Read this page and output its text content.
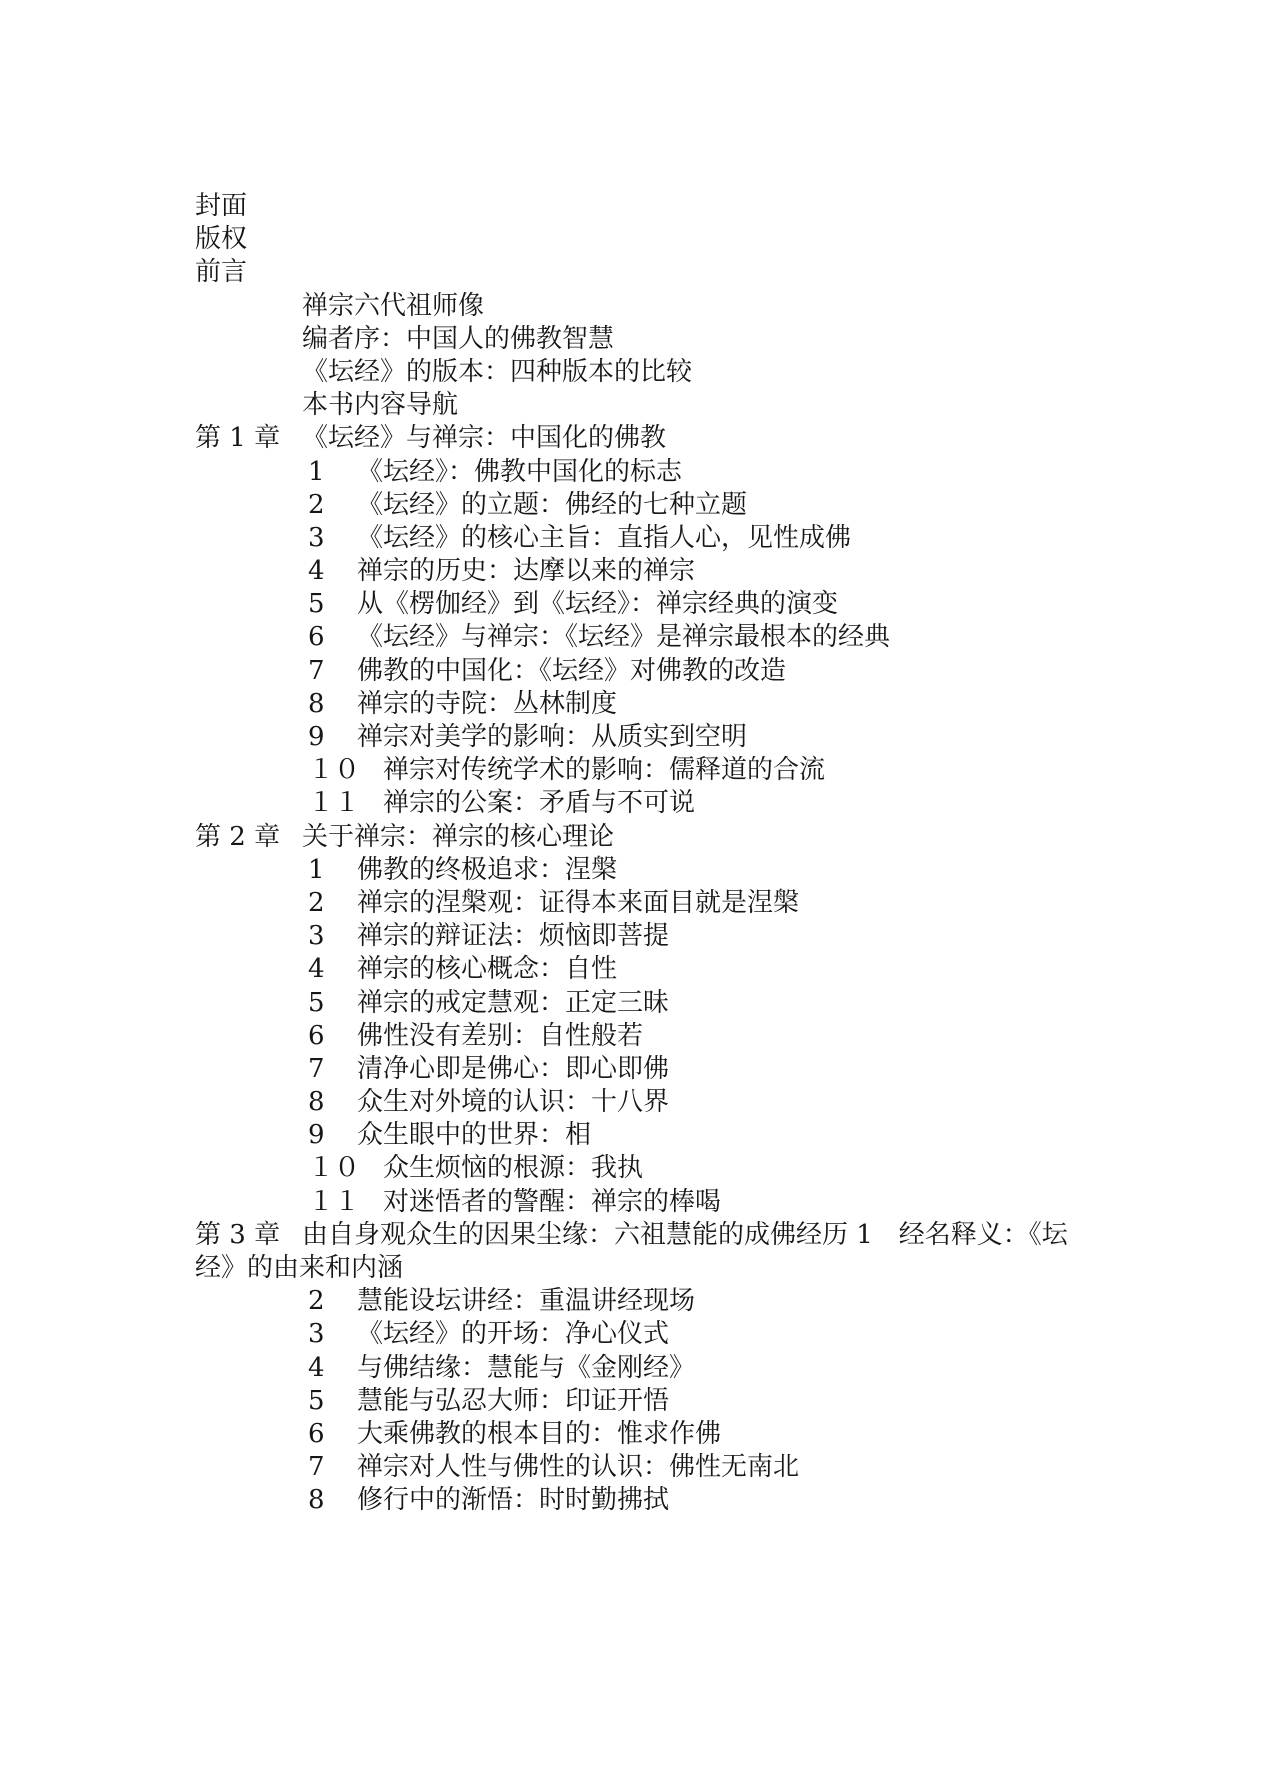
封面
版权
前言
禅宗六代祖师像
编者序：中国人的佛教智慧
《坛经》的版本：四种版本的比较
本书内容导航
第 1 章 《坛经》与禅宗：中国化的佛教
1 《坛经》：佛教中国化的标志
2 《坛经》的立题：佛经的七种立题
3 《坛经》的核心主旨：直指人心，见性成佛
4 禅宗的历史：达摩以来的禅宗
5 从《楞伽经》到《坛经》：禅宗经典的演变
6 《坛经》与禅宗：《坛经》是禅宗最根本的经典
7 佛教的中国化：《坛经》对佛教的改造
8 禅宗的寺院：丛林制度
9 禅宗对美学的影响：从质实到空明
１０ 禅宗对传统学术的影响：儒释道的合流
１１ 禅宗的公案：矛盾与不可说
第 2 章 关于禅宗：禅宗的核心理论
1 佛教的终极追求：涅槃
2 禅宗的涅槃观：证得本来面目就是涅槃
3 禅宗的辩证法：烦恼即菩提
4 禅宗的核心概念：自性
5 禅宗的戒定慧观：正定三昧
6 佛性没有差别：自性般若
7 清净心即是佛心：即心即佛
8 众生对外境的认识：十八界
9 众生眼中的世界：相
１０ 众生烦恼的根源：我执
１１ 对迷悟者的警醒：禅宗的棒喝
第 3 章 由自身观众生的因果尘缘：六祖慧能的成佛经历 1　经名释义：《坛
经》的由来和内涵
2 慧能设坛讲经：重温讲经现场
3 《坛经》的开场：净心仪式
4 与佛结缘：慧能与《金刚经》
5 慧能与弘忍大师：印证开悟
6 大乘佛教的根本目的：惟求作佛
7 禅宗对人性与佛性的认识：佛性无南北
8 修行中的渐悟：时时勤拂拭
